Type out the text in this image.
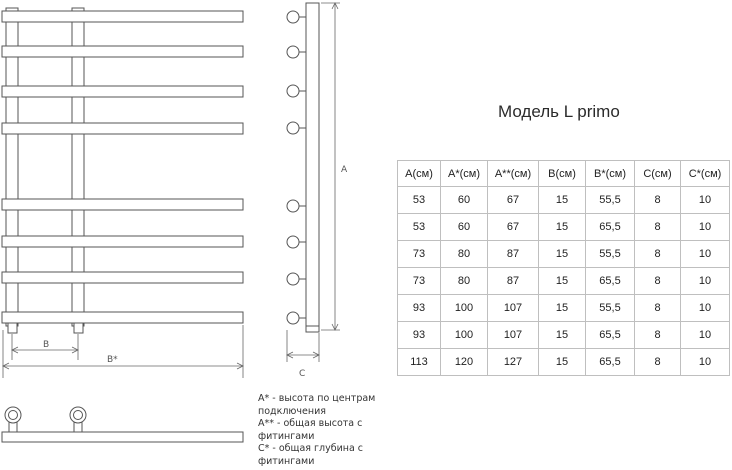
B
B*
A
C
Модель L primo
A(см)	A*(см)	A**(см)	B(см)	B*(см)	C(см)	C*(см)
53	60	67	15	55,5	8	10
53	60	67	15	65,5	8	10
73	80	87	15	55,5	8	10
73	80	87	15	65,5	8	10
93	100	107	15	55,5	8	10
93	100	107	15	65,5	8	10
113	120	127	15	65,5	8	10
A* - высота по центрам
подключения
A** - общая высота с
фитингами
C* - общая глубина с
фитингами
